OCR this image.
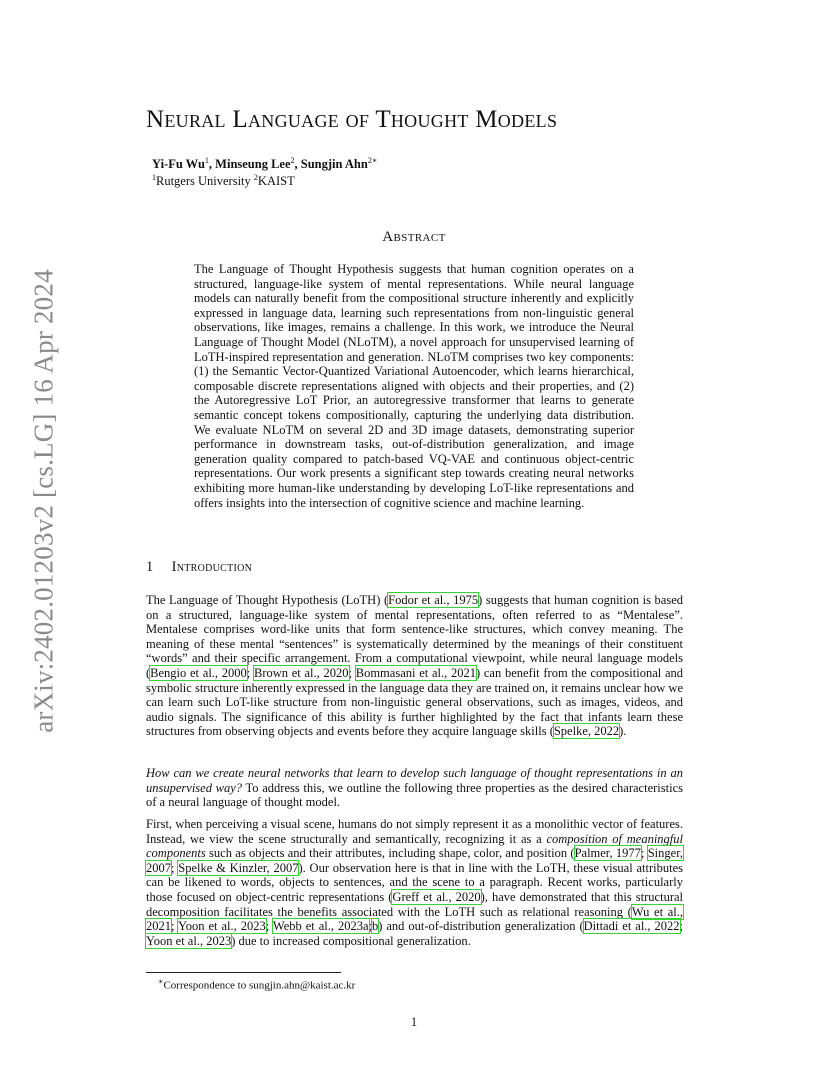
arXiv:2402.01203v2 [cs.LG] 16 Apr 2024
Neural Language of Thought Models
Yi-Fu Wu$^1$, Minseung Lee$^2$, Sungjin Ahn$^{2∗}$
$^1$Rutgers University $^2$KAIST
Abstract
The Language of Thought Hypothesis suggests that human cognition operates on a structured, language-like system of mental representations. While neural language models can naturally benefit from the compositional structure inherently and explicitly expressed in language data, learning such representations from non-linguistic general observations, like images, remains a challenge. In this work, we introduce the Neural Language of Thought Model (NLoTM), a novel approach for unsupervised learning of LoTH-inspired representation and generation. NLoTM comprises two key components: (1) the Semantic Vector-Quantized Variational Autoencoder, which learns hierarchical, composable discrete representations aligned with objects and their properties, and (2) the Autoregressive LoT Prior, an autoregressive transformer that learns to generate semantic concept tokens compositionally, capturing the underlying data distribution. We evaluate NLoTM on several 2D and 3D image datasets, demonstrating superior performance in downstream tasks, out-of-distribution generalization, and image generation quality compared to patch-based VQ-VAE and continuous object-centric representations. Our work presents a significant step towards creating neural networks exhibiting more human-like understanding by developing LoT-like representations and offers insights into the intersection of cognitive science and machine learning.
1 Introduction
The Language of Thought Hypothesis (LoTH) (Fodor et al., 1975) suggests that human cognition is based on a structured, language-like system of mental representations, often referred to as “Mentalese”. Mentalese comprises word-like units that form sentence-like structures, which convey meaning. The meaning of these mental “sentences” is systematically determined by the meanings of their constituent “words” and their specific arrangement. From a computational viewpoint, while neural language models (Bengio et al., 2000; Brown et al., 2020; Bommasani et al., 2021) can benefit from the compositional and symbolic structure inherently expressed in the language data they are trained on, it remains unclear how we can learn such LoT-like structure from non-linguistic general observations, such as images, videos, and audio signals. The significance of this ability is further highlighted by the fact that infants learn these structures from observing objects and events before they acquire language skills (Spelke, 2022).
How can we create neural networks that learn to develop such language of thought representations in an unsupervised way? To address this, we outline the following three properties as the desired characteristics of a neural language of thought model.
First, when perceiving a visual scene, humans do not simply represent it as a monolithic vector of features. Instead, we view the scene structurally and semantically, recognizing it as a composition of meaningful components such as objects and their attributes, including shape, color, and position (Palmer, 1977; Singer, 2007; Spelke & Kinzler, 2007). Our observation here is that in line with the LoTH, these visual attributes can be likened to words, objects to sentences, and the scene to a paragraph. Recent works, particularly those focused on object-centric representations (Greff et al., 2020), have demonstrated that this structural decomposition facilitates the benefits associated with the LoTH such as relational reasoning (Wu et al., 2021; Yoon et al., 2023; Webb et al., 2023a;b) and out-of-distribution generalization (Dittadi et al., 2022; Yoon et al., 2023) due to increased compositional generalization.
∗Correspondence to sungjin.ahn@kaist.ac.kr
1
